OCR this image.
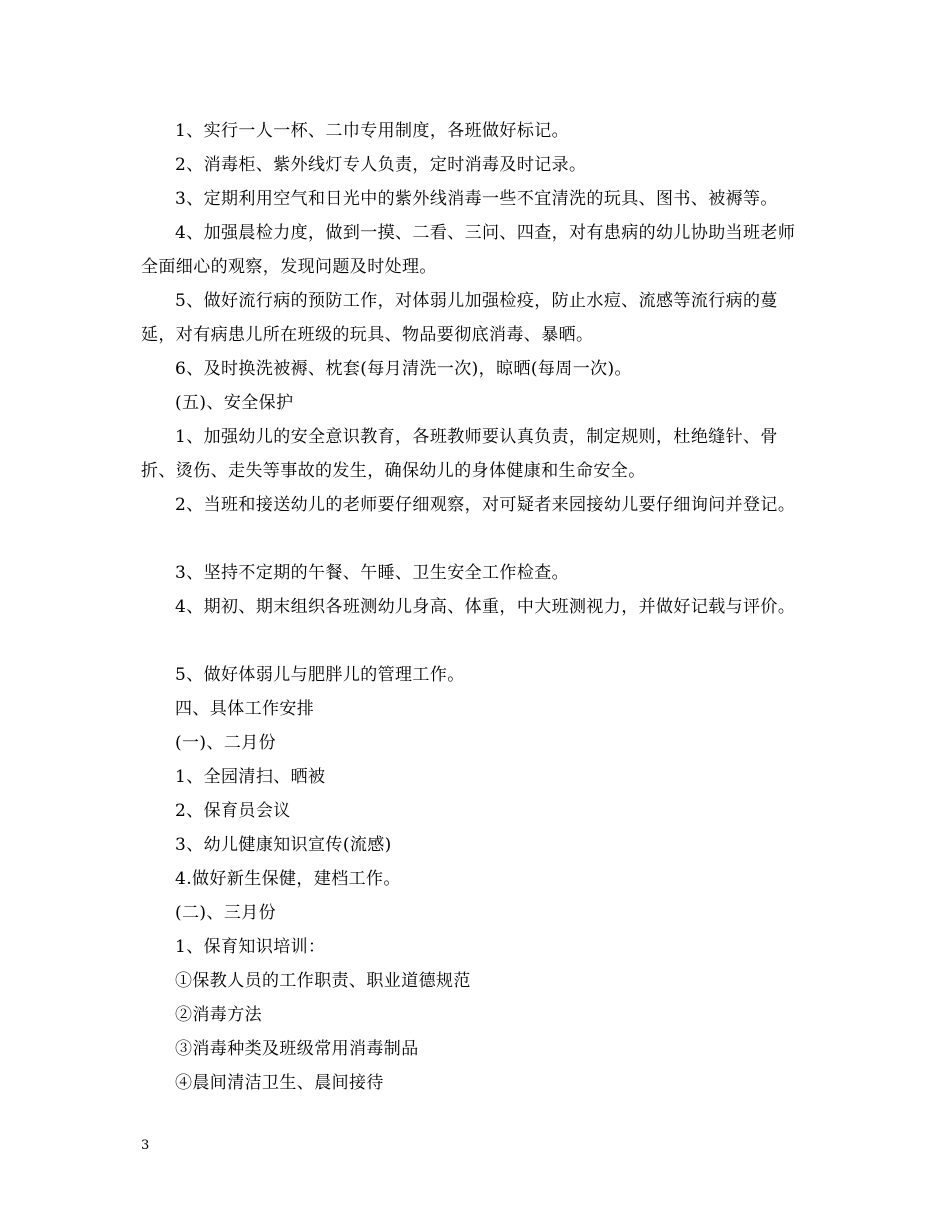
1、实行一人一杯、二巾专用制度，各班做好标记。
2、消毒柜、紫外线灯专人负责，定时消毒及时记录。
3、定期利用空气和日光中的紫外线消毒一些不宜清洗的玩具、图书、被褥等。
4、加强晨检力度，做到一摸、二看、三问、四查，对有患病的幼儿协助当班老师全面细心的观察，发现问题及时处理。
5、做好流行病的预防工作，对体弱儿加强检疫，防止水痘、流感等流行病的蔓延，对有病患儿所在班级的玩具、物品要彻底消毒、暴晒。
6、及时换洗被褥、枕套(每月清洗一次)，晾晒(每周一次)。
(五)、安全保护
1、加强幼儿的安全意识教育，各班教师要认真负责，制定规则，杜绝缝针、骨折、烫伤、走失等事故的发生，确保幼儿的身体健康和生命安全。
2、当班和接送幼儿的老师要仔细观察，对可疑者来园接幼儿要仔细询问并登记。
3、坚持不定期的午餐、午睡、卫生安全工作检查。
4、期初、期末组织各班测幼儿身高、体重，中大班测视力，并做好记载与评价。
5、做好体弱儿与肥胖儿的管理工作。
四、具体工作安排
(一)、二月份
1、全园清扫、晒被
2、保育员会议
3、幼儿健康知识宣传(流感)
4.做好新生保健，建档工作。
(二)、三月份
1、保育知识培训：
①保教人员的工作职责、职业道德规范
②消毒方法
③消毒种类及班级常用消毒制品
④晨间清洁卫生、晨间接待
3
